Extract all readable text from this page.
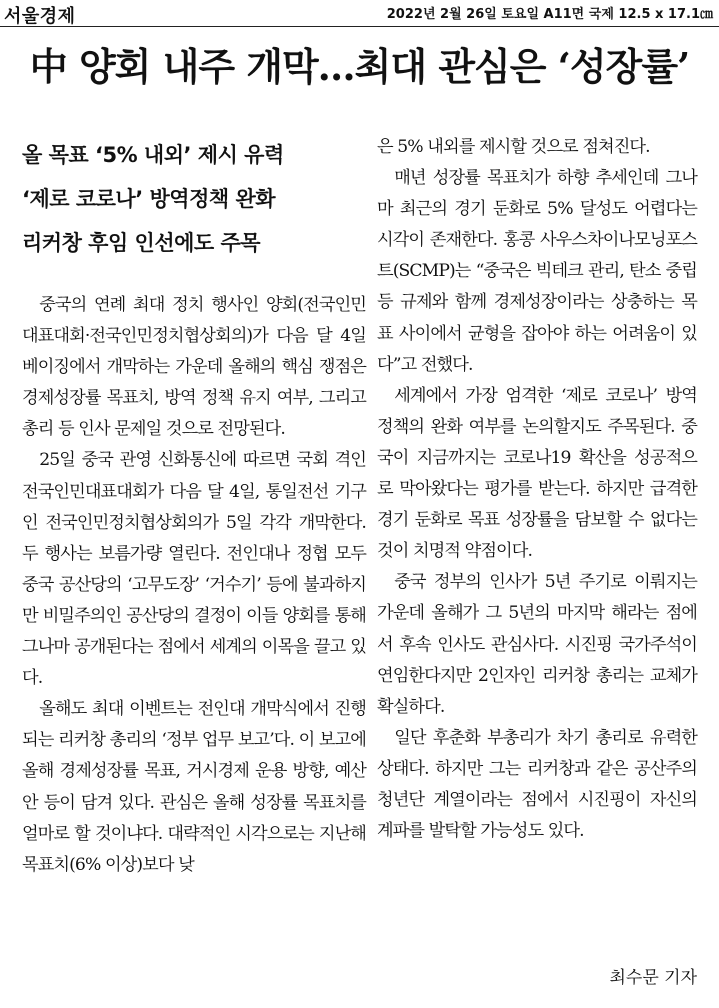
서울경제	2022년 2월 26일 토요일 A11면 국제 12.5 x 17.1㎝
中 양회 내주 개막…최대 관심은 ‘성장률’
올 목표 ‘5% 내외’ 제시 유력
‘제로 코로나’ 방역정책 완화
리커창 후임 인선에도 주목

중국의 연례 최대 정치 행사인 양회(전국인민대표대회·전국인민정치협상회의)가 다음 달 4일 베이징에서 개막하는 가운데 올해의 핵심 쟁점은 경제성장률 목표치, 방역 정책 유지 여부, 그리고 총리 등 인사 문제일 것으로 전망된다.

25일 중국 관영 신화통신에 따르면 국회 격인 전국인민대표대회가 다음 달 4일, 통일전선 기구인 전국인민정치협상회의가 5일 각각 개막한다. 두 행사는 보름가량 열린다. 전인대나 정협 모두 중국 공산당의 ‘고무도장’ ‘거수기’ 등에 불과하지만 비밀주의인 공산당의 결정이 이들 양회를 통해 그나마 공개된다는 점에서 세계의 이목을 끌고 있다.

올해도 최대 이벤트는 전인대 개막식에서 진행되는 리커창 총리의 ‘정부 업무 보고’다. 이 보고에 올해 경제성장률 목표, 거시경제 운용 방향, 예산안 등이 담겨 있다. 관심은 올해 성장률 목표치를 얼마로 할 것이냐다. 대략적인 시각으로는 지난해 목표치(6% 이상)보다 낮

은 5% 내외를 제시할 것으로 점쳐진다.

매년 성장률 목표치가 하향 추세인데 그나마 최근의 경기 둔화로 5% 달성도 어렵다는 시각이 존재한다. 홍콩 사우스차이나모닝포스트(SCMP)는 “중국은 빅테크 관리, 탄소 중립 등 규제와 함께 경제성장이라는 상충하는 목표 사이에서 균형을 잡아야 하는 어려움이 있다”고 전했다.

세계에서 가장 엄격한 ‘제로 코로나’ 방역 정책의 완화 여부를 논의할지도 주목된다. 중국이 지금까지는 코로나19 확산을 성공적으로 막아왔다는 평가를 받는다. 하지만 급격한 경기 둔화로 목표 성장률을 담보할 수 없다는 것이 치명적 약점이다.

중국 정부의 인사가 5년 주기로 이뤄지는 가운데 올해가 그 5년의 마지막 해라는 점에서 후속 인사도 관심사다. 시진핑 국가주석이 연임한다지만 2인자인 리커창 총리는 교체가 확실하다.

일단 후춘화 부총리가 차기 총리로 유력한 상태다. 하지만 그는 리커창과 같은 공산주의청년단 계열이라는 점에서 시진핑이 자신의 계파를 발탁할 가능성도 있다.

최수문 기자
